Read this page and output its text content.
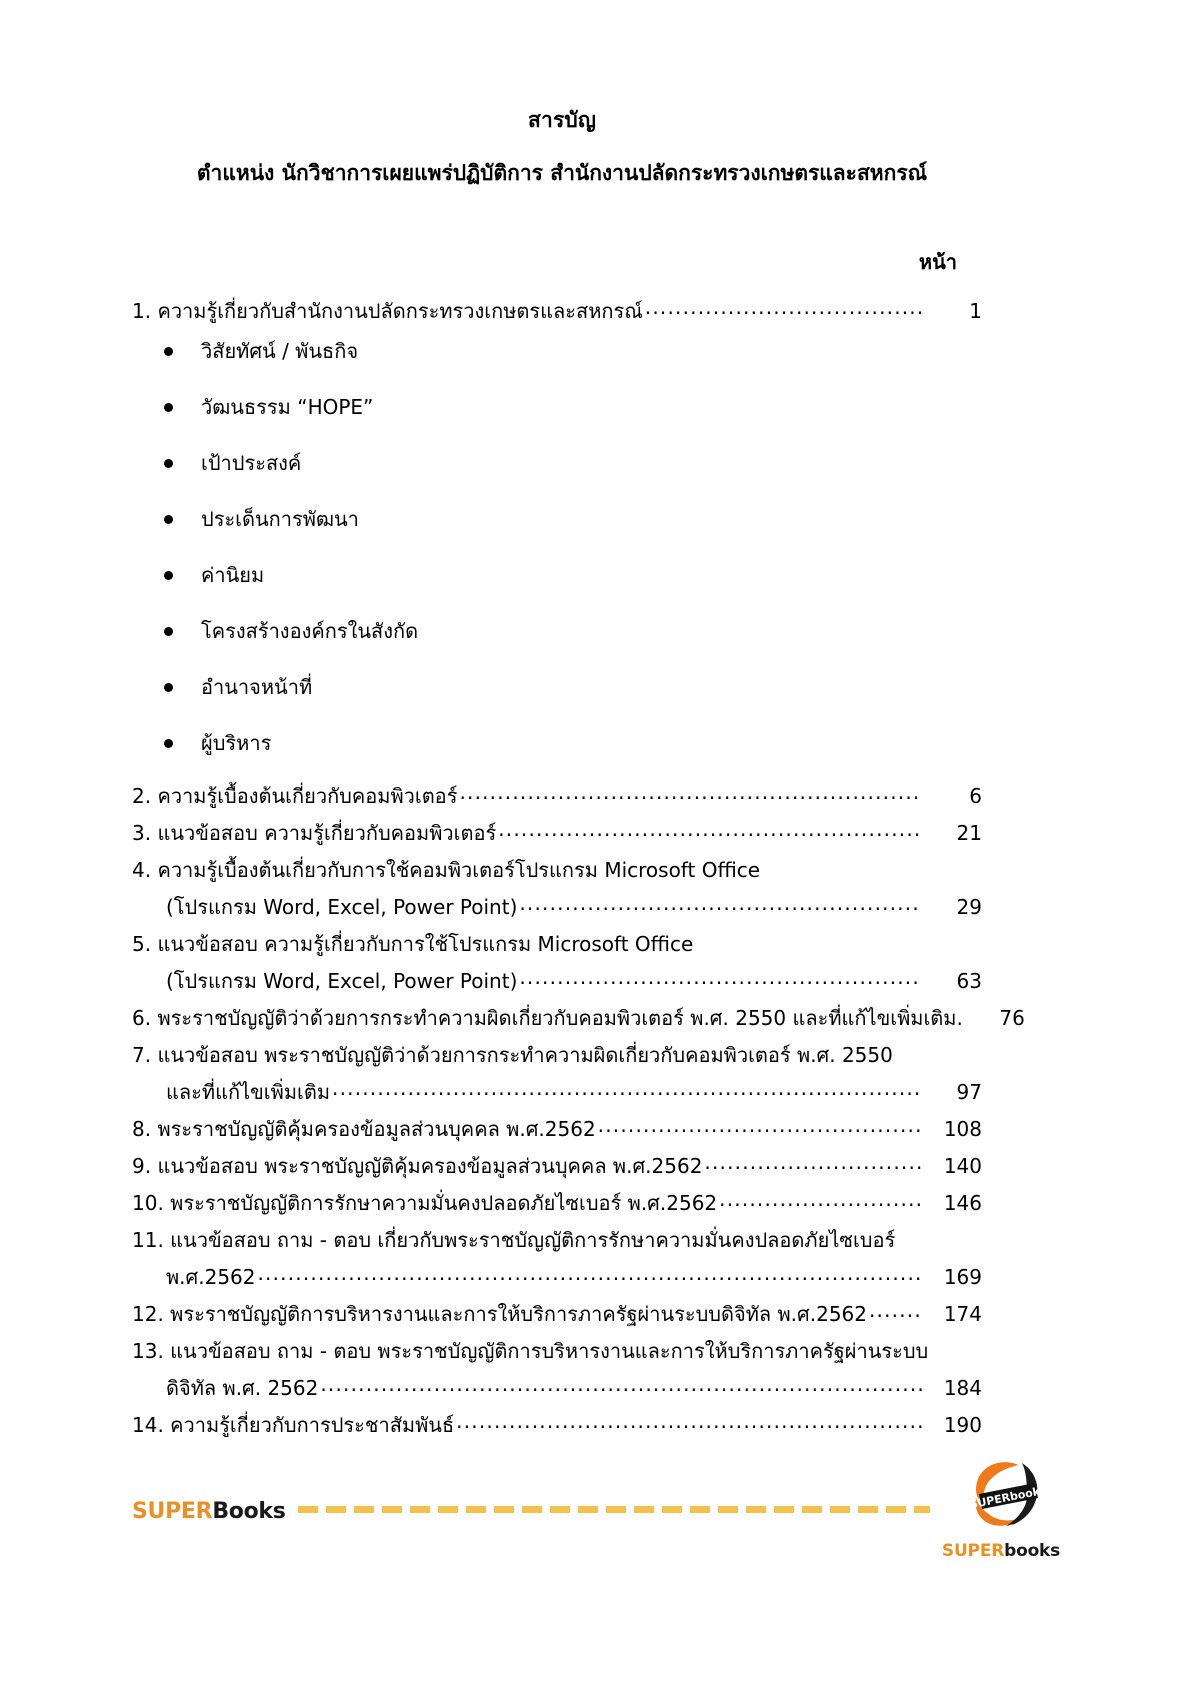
สารบัญ
ตำแหน่ง นักวิชาการเผยแพร่ปฏิบัติการ สำนักงานปลัดกระทรวงเกษตรและสหกรณ์
หน้า
1. ความรู้เกี่ยวกับสำนักงานปลัดกระทรวงเกษตรและสหกรณ์ .....	1
วิสัยทัศน์ / พันธกิจ
วัฒนธรรม “HOPE”
เป้าประสงค์
ประเด็นการพัฒนา
ค่านิยม
โครงสร้างองค์กรในสังกัด
อำนาจหน้าที่
ผู้บริหาร
2. ความรู้เบื้องต้นเกี่ยวกับคอมพิวเตอร์ .....	6
3. แนวข้อสอบ ความรู้เกี่ยวกับคอมพิวเตอร์ .....	21
4. ความรู้เบื้องต้นเกี่ยวกับการใช้คอมพิวเตอร์โปรแกรม Microsoft Office
(โปรแกรม Word, Excel, Power Point) .....	29
5. แนวข้อสอบ ความรู้เกี่ยวกับการใช้โปรแกรม Microsoft Office
(โปรแกรม Word, Excel, Power Point) .....	63
6. พระราชบัญญัติว่าด้วยการกระทำความผิดเกี่ยวกับคอมพิวเตอร์ พ.ศ. 2550 และที่แก้ไขเพิ่มเติม.	76
7. แนวข้อสอบ พระราชบัญญัติว่าด้วยการกระทำความผิดเกี่ยวกับคอมพิวเตอร์ พ.ศ. 2550
และที่แก้ไขเพิ่มเติม .....	97
8. พระราชบัญญัติคุ้มครองข้อมูลส่วนบุคคล พ.ศ.2562 .....	108
9. แนวข้อสอบ พระราชบัญญัติคุ้มครองข้อมูลส่วนบุคคล พ.ศ.2562 .....	140
10. พระราชบัญญัติการรักษาความมั่นคงปลอดภัยไซเบอร์ พ.ศ.2562 .....	146
11. แนวข้อสอบ ถาม - ตอบ เกี่ยวกับพระราชบัญญัติการรักษาความมั่นคงปลอดภัยไซเบอร์
พ.ศ.2562 .....	169
12. พระราชบัญญัติการบริหารงานและการให้บริการภาครัฐผ่านระบบดิจิทัล พ.ศ.2562 .....	174
13. แนวข้อสอบ ถาม - ตอบ พระราชบัญญัติการบริหารงานและการให้บริการภาครัฐผ่านระบบ
ดิจิทัล พ.ศ. 2562 .....	184
14. ความรู้เกี่ยวกับการประชาสัมพันธ์ .....	190
SUPERBooks	SUPERbooks
SUPERbooks
